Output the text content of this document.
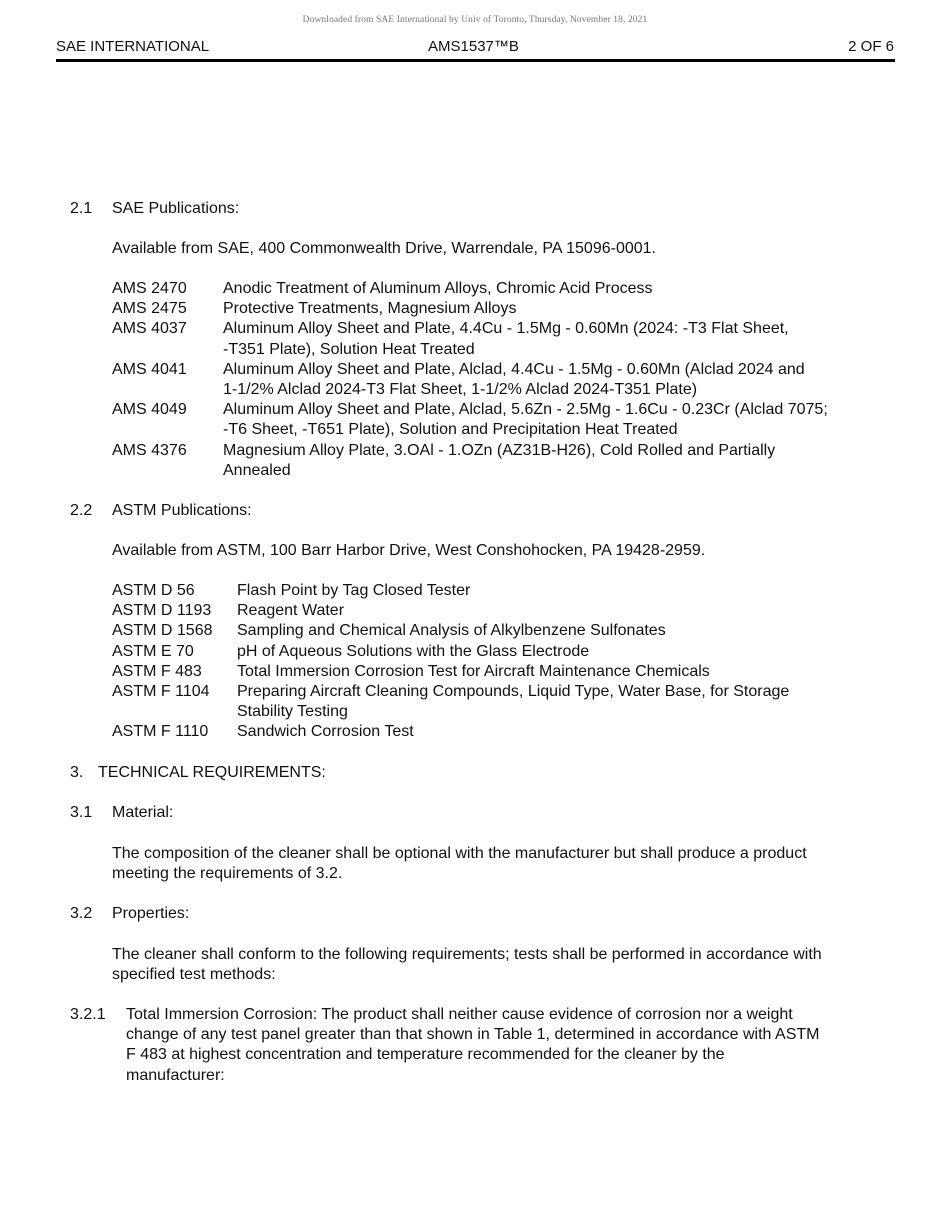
Downloaded from SAE International by Univ of Toronto, Thursday, November 18, 2021
SAE INTERNATIONAL	AMS1537™B	2 OF 6
2.1 SAE Publications:
Available from SAE, 400 Commonwealth Drive, Warrendale, PA 15096-0001.
AMS 2470	Anodic Treatment of Aluminum Alloys, Chromic Acid Process

AMS 2475	Protective Treatments, Magnesium Alloys

AMS 4037	Aluminum Alloy Sheet and Plate, 4.4Cu - 1.5Mg - 0.60Mn (2024: -T3 Flat Sheet,
-T351 Plate), Solution Heat Treated

AMS 4041	Aluminum Alloy Sheet and Plate, Alclad, 4.4Cu - 1.5Mg - 0.60Mn (Alclad 2024 and
1-1/2% Alclad 2024-T3 Flat Sheet, 1-1/2% Alclad 2024-T351 Plate)

AMS 4049	Aluminum Alloy Sheet and Plate, Alclad, 5.6Zn - 2.5Mg - 1.6Cu - 0.23Cr (Alclad 7075;
-T6 Sheet, -T651 Plate), Solution and Precipitation Heat Treated

AMS 4376	Magnesium Alloy Plate, 3.OAl - 1.OZn (AZ31B-H26), Cold Rolled and Partially
Annealed
2.2 ASTM Publications:
Available from ASTM, 100 Barr Harbor Drive, West Conshohocken, PA 19428-2959.
ASTM D 56	Flash Point by Tag Closed Tester

ASTM D 1193	Reagent Water

ASTM D 1568	Sampling and Chemical Analysis of Alkylbenzene Sulfonates

ASTM E 70	pH of Aqueous Solutions with the Glass Electrode

ASTM F 483	Total Immersion Corrosion Test for Aircraft Maintenance Chemicals

ASTM F 1104	Preparing Aircraft Cleaning Compounds, Liquid Type, Water Base, for Storage
Stability Testing

ASTM F 1110	Sandwich Corrosion Test
3. TECHNICAL REQUIREMENTS:
3.1 Material:
The composition of the cleaner shall be optional with the manufacturer but shall produce a product
meeting the requirements of 3.2.
3.2 Properties:
The cleaner shall conform to the following requirements; tests shall be performed in accordance with
specified test methods:
3.2.1 Total Immersion Corrosion: The product shall neither cause evidence of corrosion nor a weight
change of any test panel greater than that shown in Table 1, determined in accordance with ASTM
F 483 at highest concentration and temperature recommended for the cleaner by the
manufacturer:
